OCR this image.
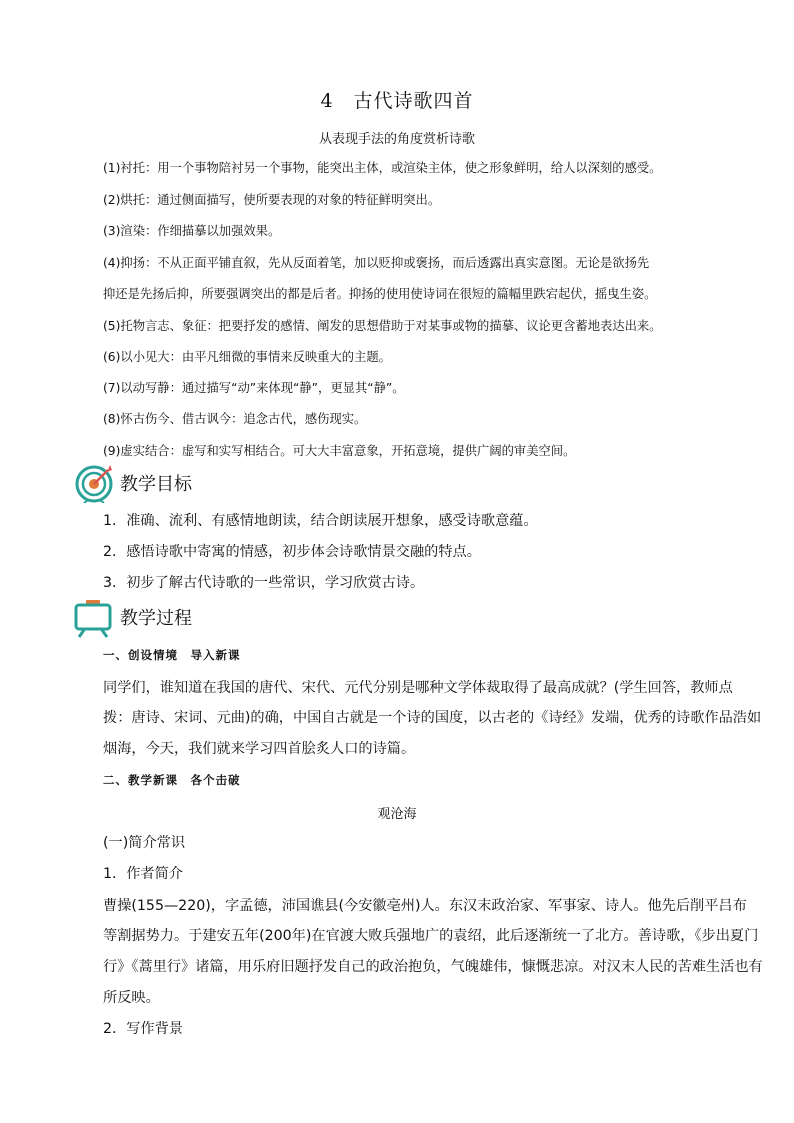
4　古代诗歌四首
从表现手法的角度赏析诗歌
(1)衬托：用一个事物陪衬另一个事物，能突出主体，或渲染主体，使之形象鲜明，给人以深刻的感受。
(2)烘托：通过侧面描写，使所要表现的对象的特征鲜明突出。
(3)渲染：作细描摹以加强效果。
(4)抑扬：不从正面平铺直叙，先从反面着笔，加以贬抑或褒扬，而后透露出真实意图。无论是欲扬先
抑还是先扬后抑，所要强调突出的都是后者。抑扬的使用使诗词在很短的篇幅里跌宕起伏，摇曳生姿。
(5)托物言志、象征：把要抒发的感情、阐发的思想借助于对某事或物的描摹、议论更含蓄地表达出来。
(6)以小见大：由平凡细微的事情来反映重大的主题。
(7)以动写静：通过描写“动”来体现“静”，更显其“静”。
(8)怀古伤今、借古讽今：追念古代，感伤现实。
(9)虚实结合：虚写和实写相结合。可大大丰富意象，开拓意境，提供广阔的审美空间。
教学目标
1．准确、流利、有感情地朗读，结合朗读展开想象，感受诗歌意蕴。
2．感悟诗歌中寄寓的情感，初步体会诗歌情景交融的特点。
3．初步了解古代诗歌的一些常识，学习欣赏古诗。
教学过程
一、创设情境　导入新课
同学们，谁知道在我国的唐代、宋代、元代分别是哪种文学体裁取得了最高成就？(学生回答，教师点
拨：唐诗、宋词、元曲)的确，中国自古就是一个诗的国度，以古老的《诗经》发端，优秀的诗歌作品浩如
烟海，今天，我们就来学习四首脍炙人口的诗篇。
二、教学新课　各个击破
观沧海
(一)简介常识
1．作者简介
曹操(155—220)，字孟德，沛国谯县(今安徽亳州)人。东汉末政治家、军事家、诗人。他先后削平吕布
等割据势力。于建安五年(200年)在官渡大败兵强地广的袁绍，此后逐渐统一了北方。善诗歌，《步出夏门
行》《蒿里行》诸篇，用乐府旧题抒发自己的政治抱负，气魄雄伟，慷慨悲凉。对汉末人民的苦难生活也有
所反映。
2．写作背景
